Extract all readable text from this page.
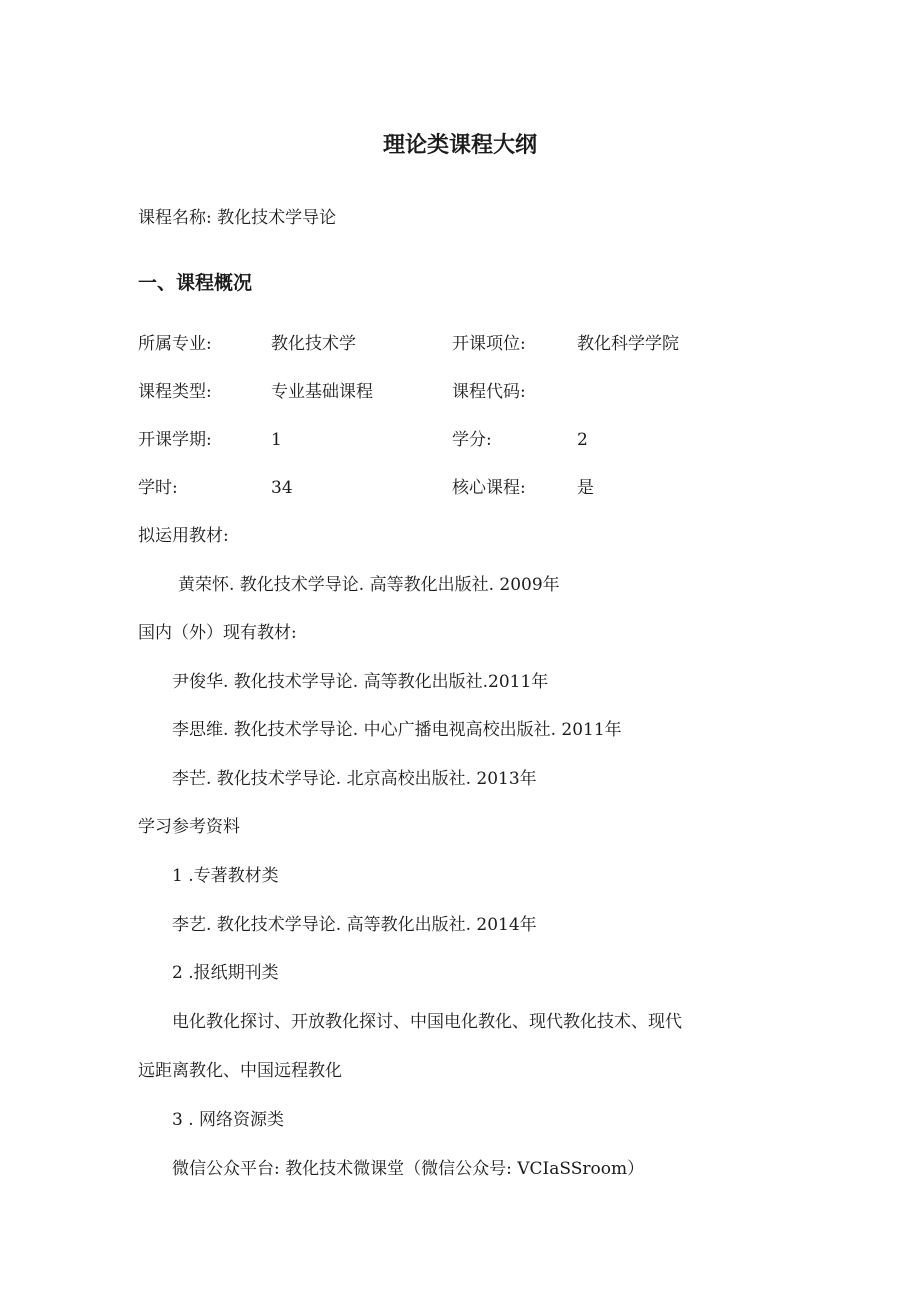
理论类课程大纲
课程名称: 教化技术学导论
一、课程概况
所属专业:	教化技术学	开课项位:	教化科学学院
课程类型:	专业基础课程	课程代码:
开课学期:	1	学分:	2
学时:	34	核心课程:	是
拟运用教材:
黄荣怀. 教化技术学导论. 高等教化出版社. 2009年
国内（外）现有教材:
尹俊华. 教化技术学导论. 高等教化出版社.2011年
李思维. 教化技术学导论. 中心广播电视高校出版社. 2011年
李芒. 教化技术学导论. 北京高校出版社. 2013年
学习参考资料
1 .专著教材类
李艺. 教化技术学导论. 高等教化出版社. 2014年
2 .报纸期刊类
电化教化探讨、开放教化探讨、中国电化教化、现代教化技术、现代
远距离教化、中国远程教化
3 . 网络资源类
微信公众平台: 教化技术微课堂（微信公众号: VCIaSSroom）
